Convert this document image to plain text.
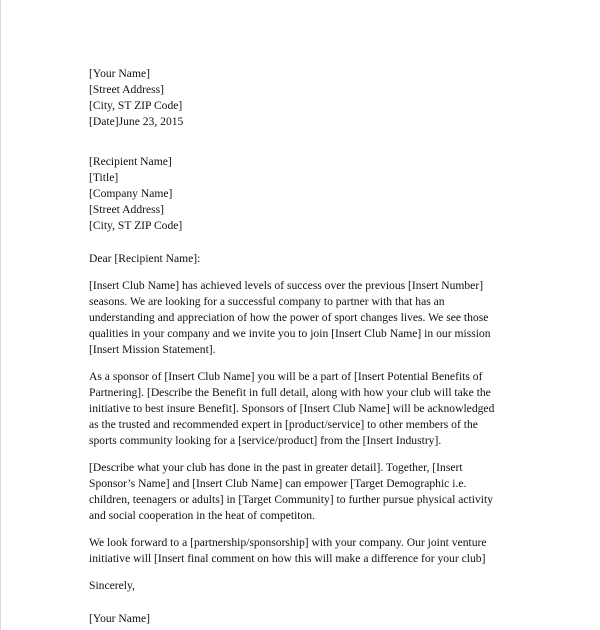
[Your Name]
[Street Address]
[City, ST ZIP Code]
[Date]June 23, 2015
[Recipient Name]
[Title]
[Company Name]
[Street Address]
[City, ST ZIP Code]
Dear [Recipient Name]:
[Insert Club Name] has achieved levels of success over the previous [Insert Number]
seasons. We are looking for a successful company to partner with that has an
understanding and appreciation of how the power of sport changes lives. We see those
qualities in your company and we invite you to join [Insert Club Name] in our mission
[Insert Mission Statement].
As a sponsor of [Insert Club Name] you will be a part of [Insert Potential Benefits of
Partnering]. [Describe the Benefit in full detail, along with how your club will take the
initiative to best insure Benefit]. Sponsors of [Insert Club Name] will be acknowledged
as the trusted and recommended expert in [product/service] to other members of the
sports community looking for a [service/product] from the [Insert Industry].
[Describe what your club has done in the past in greater detail]. Together, [Insert
Sponsor’s Name] and [Insert Club Name] can empower [Target Demographic i.e.
children, teenagers or adults] in [Target Community] to further pursue physical activity
and social cooperation in the heat of competiton.
We look forward to a [partnership/sponsorship] with your company. Our joint venture
initiative will [Insert final comment on how this will make a difference for your club]
Sincerely,
[Your Name]
